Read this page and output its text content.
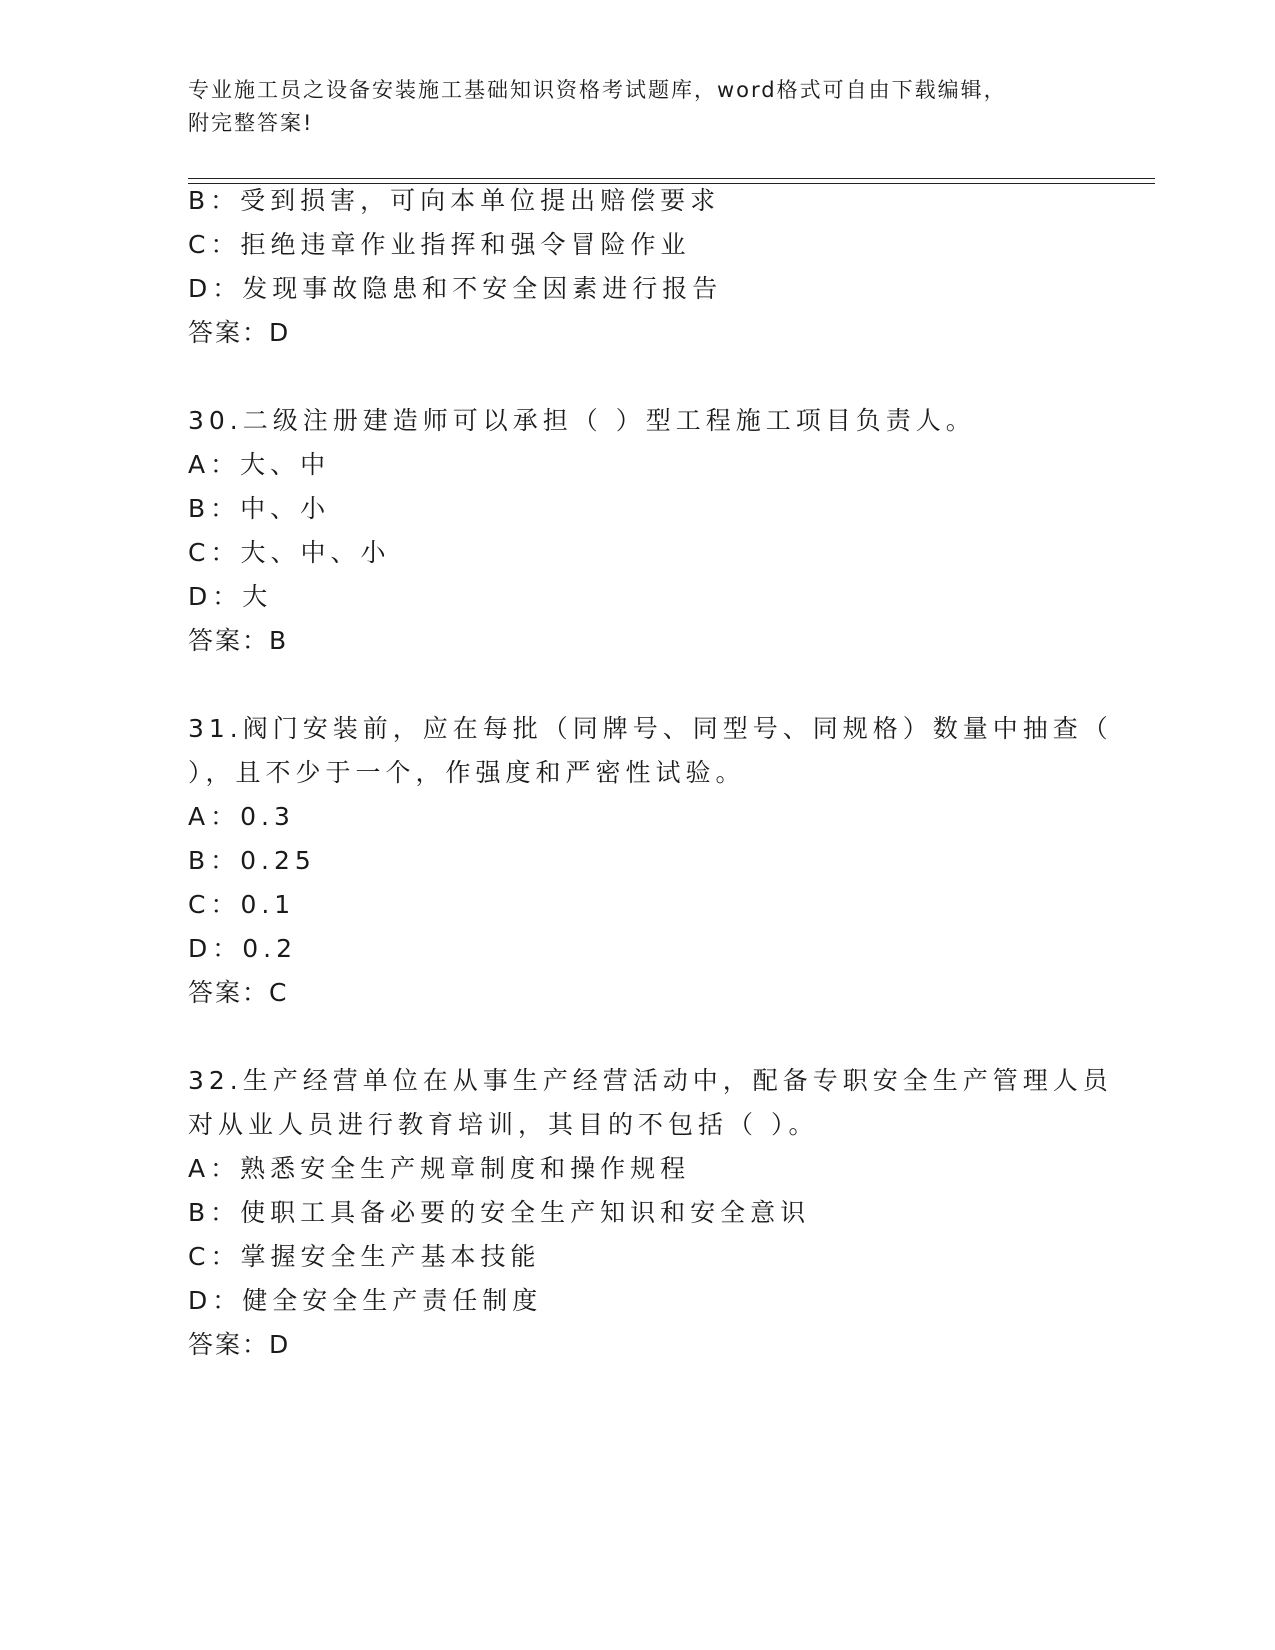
专业施工员之设备安装施工基础知识资格考试题库，word格式可自由下载编辑，
附完整答案!
B：受到损害，可向本单位提出赔偿要求
C：拒绝违章作业指挥和强令冒险作业
D：发现事故隐患和不安全因素进行报告
答案：D
30.二级注册建造师可以承担（ ）型工程施工项目负责人。
A：大、中
B：中、小
C：大、中、小
D：大
答案：B
31.阀门安装前，应在每批（同牌号、同型号、同规格）数量中抽查（
），且不少于一个，作强度和严密性试验。
A：0.3
B：0.25
C：0.1
D：0.2
答案：C
32.生产经营单位在从事生产经营活动中，配备专职安全生产管理人员
对从业人员进行教育培训，其目的不包括（ ）。
A：熟悉安全生产规章制度和操作规程
B：使职工具备必要的安全生产知识和安全意识
C：掌握安全生产基本技能
D：健全安全生产责任制度
答案：D
